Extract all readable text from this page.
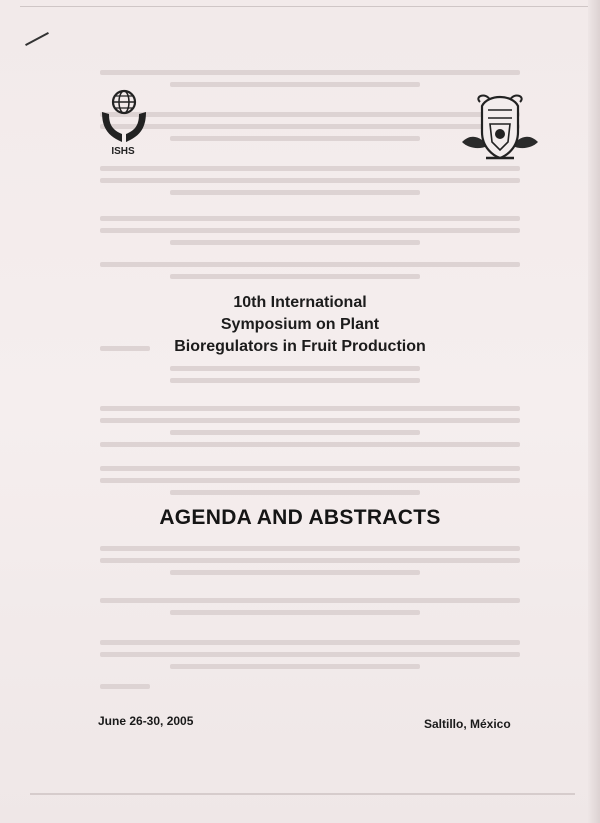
ISHS
10th International
Symposium on Plant
Bioregulators in Fruit Production
AGENDA AND ABSTRACTS
June 26-30, 2005	Saltillo, México
